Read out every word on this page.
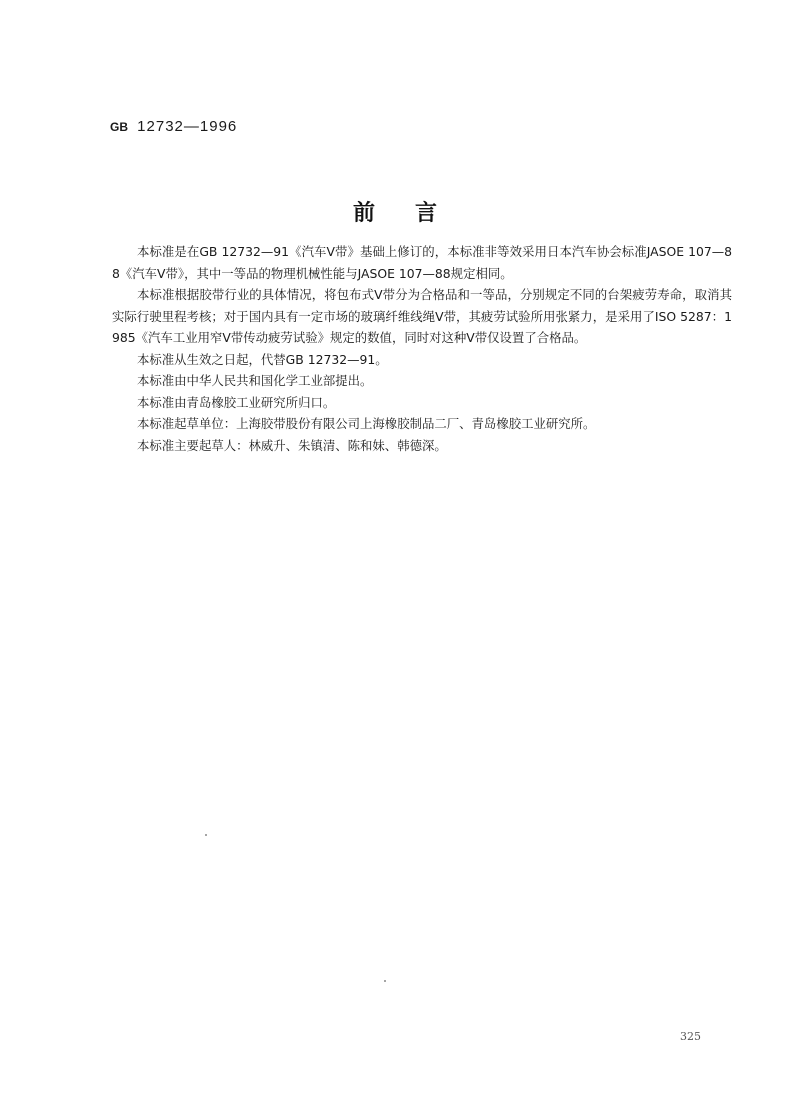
GB 12732—1996
前言

本标准是在GB 12732—91《汽车V带》基础上修订的，本标准非等效采用日本汽车协会标准JASOE 107—88《汽车V带》，其中一等品的物理机械性能与JASOE 107—88规定相同。

本标准根据胶带行业的具体情况，将包布式V带分为合格品和一等品，分别规定不同的台架疲劳寿命，取消其实际行驶里程考核；对于国内具有一定市场的玻璃纤维线绳V带，其疲劳试验所用张紧力，是采用了ISO 5287：1985《汽车工业用窄V带传动疲劳试验》规定的数值，同时对这种V带仅设置了合格品。

本标准从生效之日起，代替GB 12732—91。

本标准由中华人民共和国化学工业部提出。

本标准由青岛橡胶工业研究所归口。

本标准起草单位：上海胶带股份有限公司上海橡胶制品二厂、青岛橡胶工业研究所。

本标准主要起草人：林威升、朱镇清、陈和妹、韩德深。

325
